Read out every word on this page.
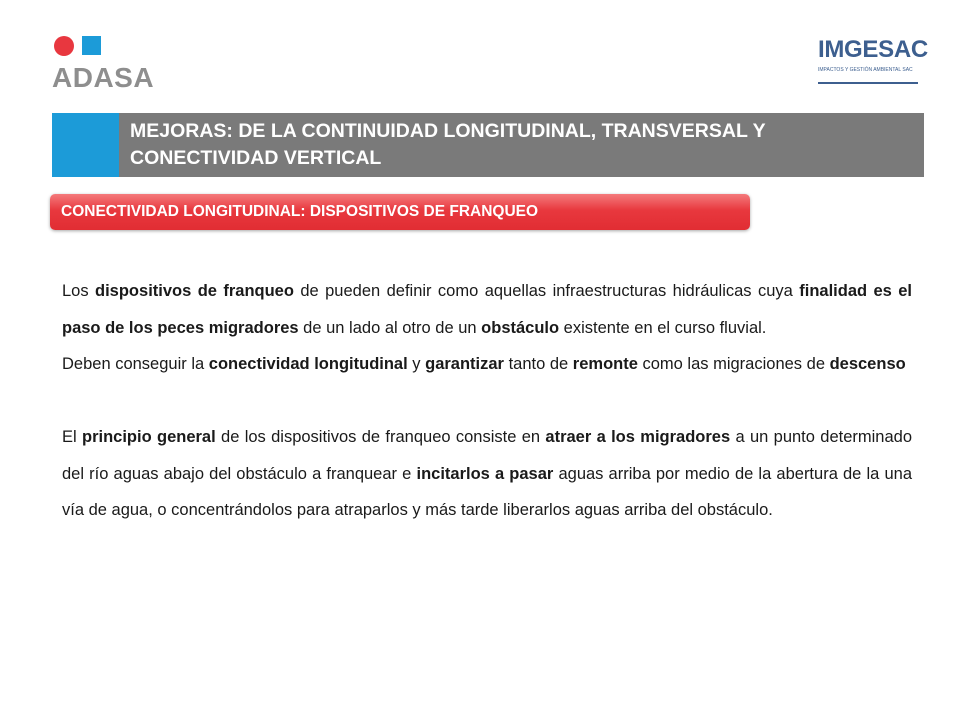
ADASA
IMGESAC
IMPACTOS Y GESTIÓN AMBIENTAL SAC
MEJORAS: DE LA CONTINUIDAD LONGITUDINAL, TRANSVERSAL Y
CONECTIVIDAD VERTICAL
CONECTIVIDAD LONGITUDINAL: DISPOSITIVOS DE FRANQUEO

Los dispositivos de franqueo de pueden definir como aquellas infraestructuras hidráulicas cuya finalidad es el paso de los peces migradores de un lado al otro de un obstáculo existente en el curso fluvial.

Deben conseguir la conectividad longitudinal y garantizar tanto de remonte como las migraciones de descenso

El principio general de los dispositivos de franqueo consiste en atraer a los migradores a un punto determinado del río aguas abajo del obstáculo a franquear e incitarlos a pasar aguas arriba por medio de la abertura de la una vía de agua, o concentrándolos para atraparlos y más tarde liberarlos aguas arriba del obstáculo.
